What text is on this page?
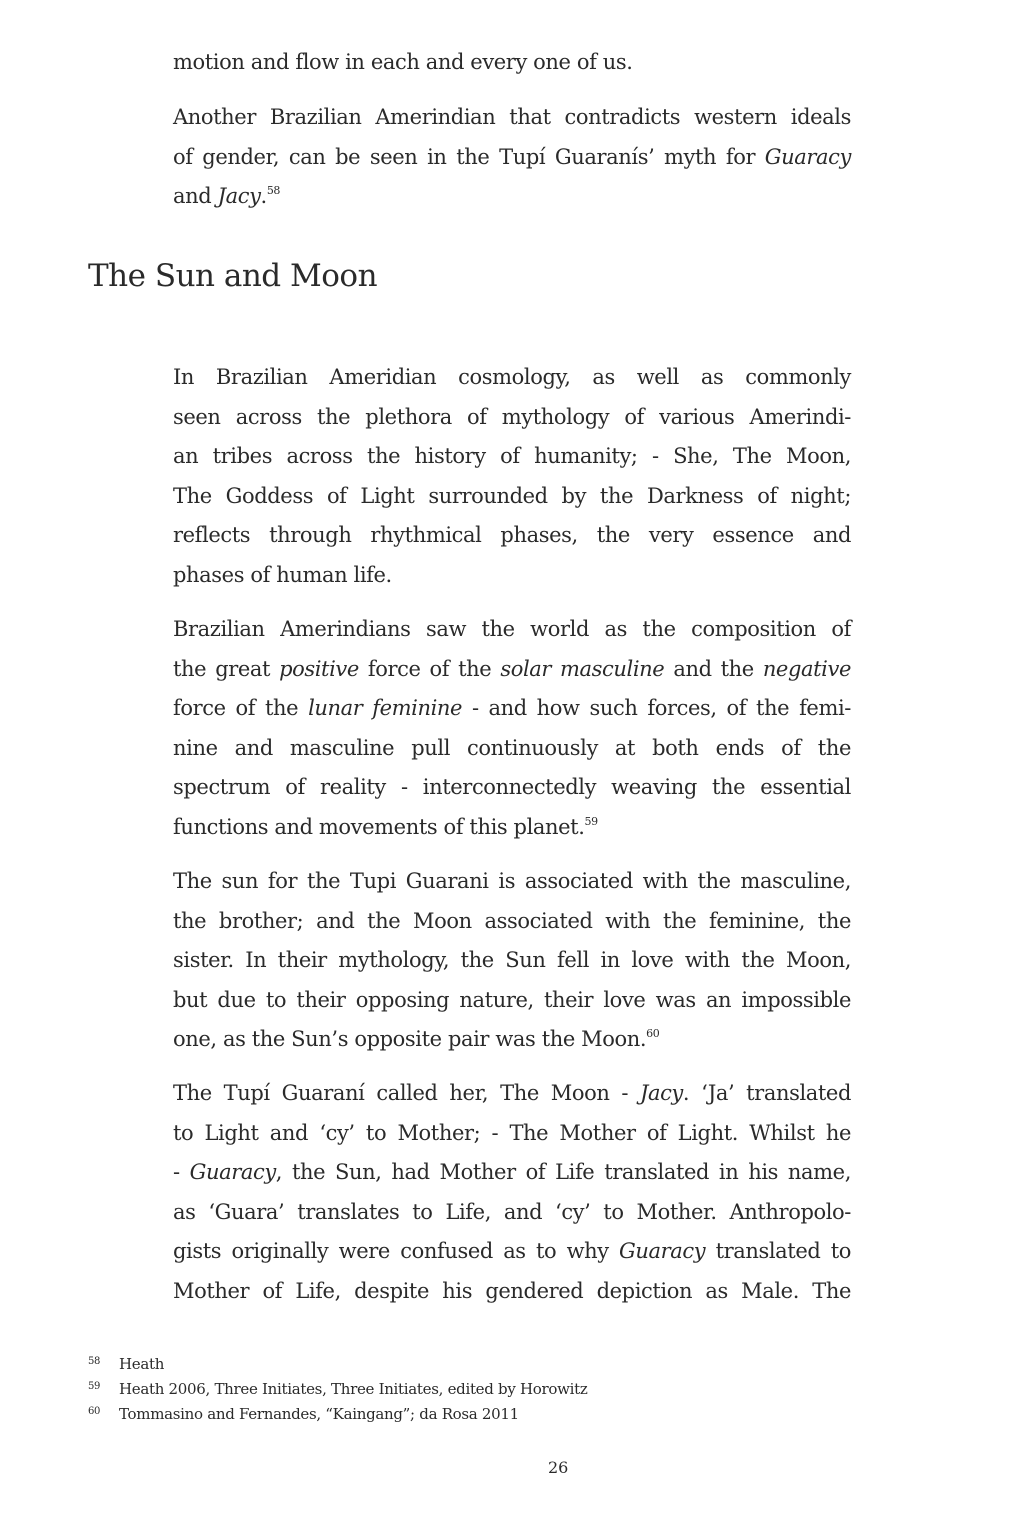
motion and flow in each and every one of us.
Another Brazilian Amerindian that contradicts western ideals
of gender, can be seen in the Tupí Guaranís’ myth for Guaracy
and Jacy.$^{58}$
In Brazilian Ameridian cosmology, as well as commonly
seen across the plethora of mythology of various Amerindi-
an tribes across the history of humanity; - She, The Moon,
The Goddess of Light surrounded by the Darkness of night;
reflects through rhythmical phases, the very essence and
phases of human life.
Brazilian Amerindians saw the world as the composition of
the great positive force of the solar masculine and the negative
force of the lunar feminine - and how such forces, of the femi-
nine and masculine pull continuously at both ends of the
spectrum of reality - interconnectedly weaving the essential
functions and movements of this planet.$^{59}$
The sun for the Tupi Guarani is associated with the masculine,
the brother; and the Moon associated with the feminine, the
sister. In their mythology, the Sun fell in love with the Moon,
but due to their opposing nature, their love was an impossible
one, as the Sun’s opposite pair was the Moon.$^{60}$
The Tupí Guaraní called her, The Moon - Jacy. ‘Ja’ translated
to Light and ‘cy’ to Mother; - The Mother of Light. Whilst he
- Guaracy, the Sun, had Mother of Life translated in his name,
as ‘Guara’ translates to Life, and ‘cy’ to Mother. Anthropolo-
gists originally were confused as to why Guaracy translated to
Mother of Life, despite his gendered depiction as Male. The
The Sun and Moon
58 Heath
59 Heath 2006, Three Initiates, Three Initiates, edited by Horowitz
60 Tommasino and Fernandes, “Kaingang”; da Rosa 2011
26
